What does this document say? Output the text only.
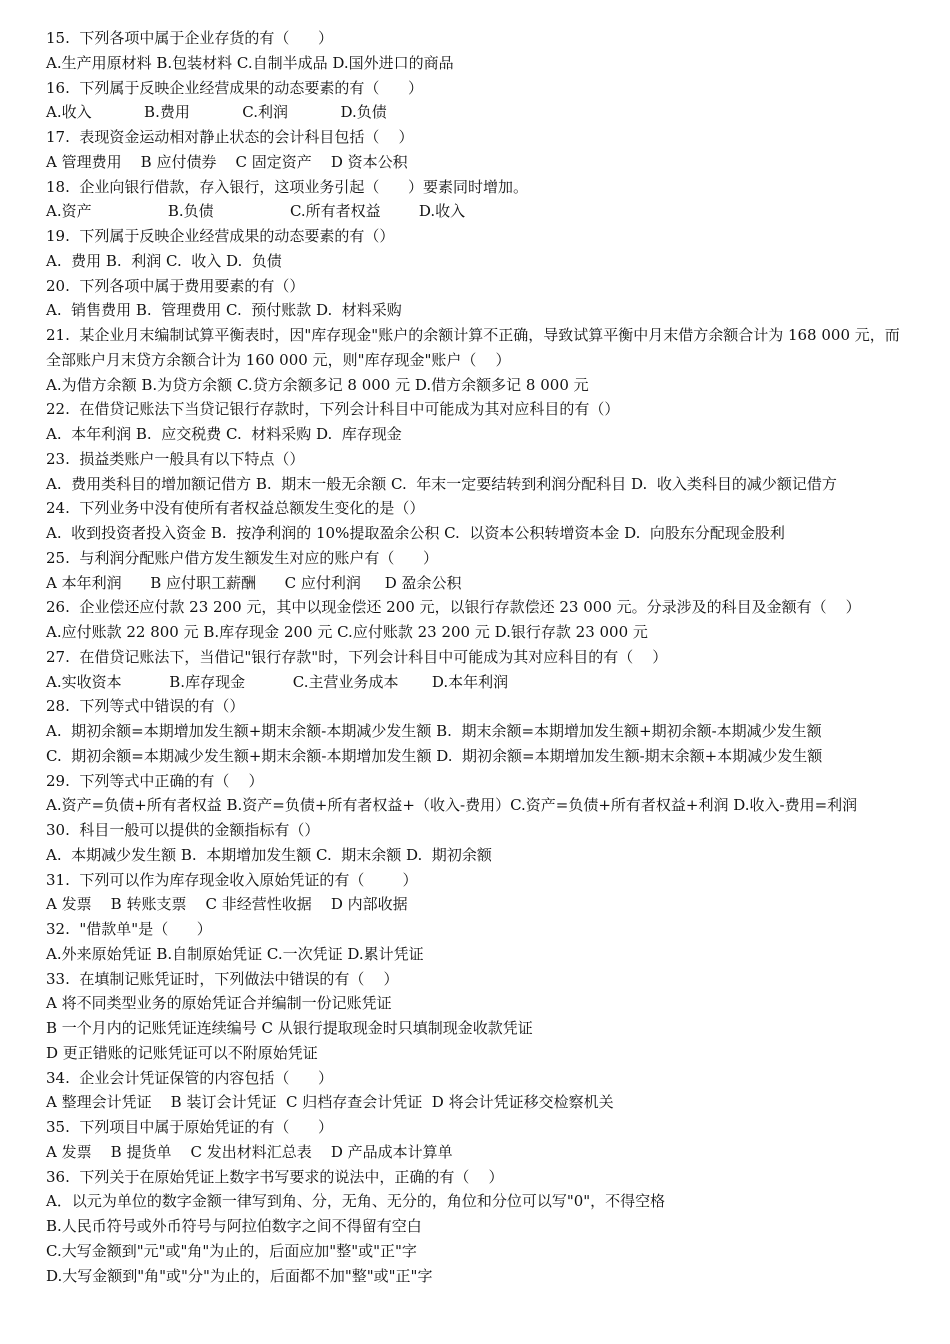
15.  下列各项中属于企业存货的有（      ）
A.生产用原材料 B.包装材料 C.自制半成品 D.国外进口的商品
16.  下列属于反映企业经营成果的动态要素的有（      ）
A.收入           B.费用           C.利润           D.负债
17.  表现资金运动相对静止状态的会计科目包括（    ）
A 管理费用    B 应付债券    C 固定资产    D 资本公积
18.  企业向银行借款，存入银行，这项业务引起（      ）要素同时增加。
A.资产                B.负债                C.所有者权益        D.收入
19.  下列属于反映企业经营成果的动态要素的有（）
A.  费用 B.  利润 C.  收入 D.  负债
20.  下列各项中属于费用要素的有（）
A.  销售费用 B.  管理费用 C.  预付账款 D.  材料采购
21.  某企业月末编制试算平衡表时，因"库存现金"账户的余额计算不正确，导致试算平衡中月末借方余额合计为 168 000 元，而全部账户月末贷方余额合计为 160 000 元，则"库存现金"账户（    ）
A.为借方余额 B.为贷方余额 C.贷方余额多记 8 000 元 D.借方余额多记 8 000 元
22.  在借贷记账法下当贷记银行存款时，下列会计科目中可能成为其对应科目的有（）
A.  本年利润 B.  应交税费 C.  材料采购 D.  库存现金
23.  损益类账户一般具有以下特点（）
A.  费用类科目的增加额记借方 B.  期末一般无余额 C.  年末一定要结转到利润分配科目 D.  收入类科目的减少额记借方
24.  下列业务中没有使所有者权益总额发生变化的是（）
A.  收到投资者投入资金 B.  按净利润的 10%提取盈余公积 C.  以资本公积转增资本金 D.  向股东分配现金股利
25.  与利润分配账户借方发生额发生对应的账户有（      ）
A 本年利润      B 应付职工薪酬      C 应付利润     D 盈余公积
26.  企业偿还应付款 23 200 元，其中以现金偿还 200 元，以银行存款偿还 23 000 元。分录涉及的科目及金额有（    ）
A.应付账款 22 800 元 B.库存现金 200 元 C.应付账款 23 200 元 D.银行存款 23 000 元
27.  在借贷记账法下，当借记"银行存款"时，下列会计科目中可能成为其对应科目的有（    ）
A.实收资本          B.库存现金          C.主营业务成本       D.本年利润
28.  下列等式中错误的有（）
A.  期初余额=本期增加发生额+期末余额-本期减少发生额 B.  期末余额=本期增加发生额+期初余额-本期减少发生额
C.  期初余额=本期减少发生额+期末余额-本期增加发生额 D.  期初余额=本期增加发生额-期末余额+本期减少发生额
29.  下列等式中正确的有（    ）
A.资产=负债+所有者权益 B.资产=负债+所有者权益+（收入-费用）C.资产=负债+所有者权益+利润 D.收入-费用=利润
30.  科目一般可以提供的金额指标有（）
A.  本期减少发生额 B.  本期增加发生额 C.  期末余额 D.  期初余额
31.  下列可以作为库存现金收入原始凭证的有（        ）
A 发票    B 转账支票    C 非经营性收据    D 内部收据
32.  "借款单"是（      ）
A.外来原始凭证 B.自制原始凭证 C.一次凭证 D.累计凭证
33.  在填制记账凭证时，下列做法中错误的有（    ）
A 将不同类型业务的原始凭证合并编制一份记账凭证
B 一个月内的记账凭证连续编号 C 从银行提取现金时只填制现金收款凭证
D 更正错账的记账凭证可以不附原始凭证
34.  企业会计凭证保管的内容包括（      ）
A 整理会计凭证    B 装订会计凭证  C 归档存查会计凭证  D 将会计凭证移交检察机关
35.  下列项目中属于原始凭证的有（      ）
A 发票    B 提货单    C 发出材料汇总表    D 产品成本计算单
36.  下列关于在原始凭证上数字书写要求的说法中，正确的有（    ）
A．以元为单位的数字金额一律写到角、分，无角、无分的，角位和分位可以写"0"，不得空格
B.人民币符号或外币符号与阿拉伯数字之间不得留有空白
C.大写金额到"元"或"角"为止的，后面应加"整"或"正"字
D.大写金额到"角"或"分"为止的，后面都不加"整"或"正"字
